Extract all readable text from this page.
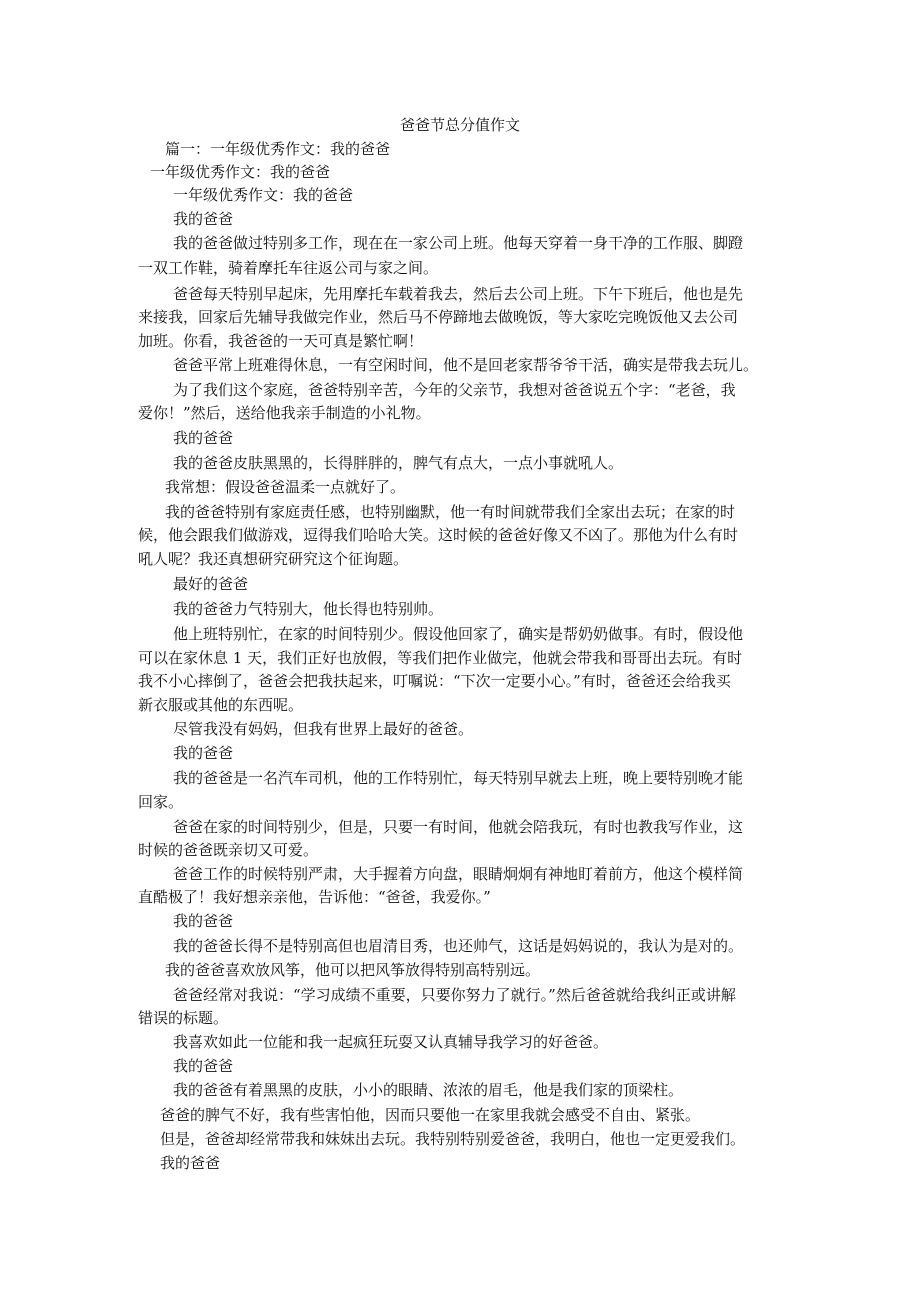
爸爸节总分值作文
篇一：一年级优秀作文：我的爸爸
一年级优秀作文：我的爸爸
一年级优秀作文：我的爸爸
我的爸爸
我的爸爸做过特别多工作，现在在一家公司上班。他每天穿着一身干净的工作服、脚蹬
一双工作鞋，骑着摩托车往返公司与家之间。
爸爸每天特别早起床，先用摩托车载着我去，然后去公司上班。下午下班后，他也是先
来接我，回家后先辅导我做完作业，然后马不停蹄地去做晚饭，等大家吃完晚饭他又去公司
加班。你看，我爸爸的一天可真是繁忙啊！
爸爸平常上班难得休息，一有空闲时间，他不是回老家帮爷爷干活，确实是带我去玩儿。
为了我们这个家庭，爸爸特别辛苦，今年的父亲节，我想对爸爸说五个字：“老爸，我
爱你！”然后，送给他我亲手制造的小礼物。
我的爸爸
我的爸爸皮肤黑黑的，长得胖胖的，脾气有点大，一点小事就吼人。
我常想：假设爸爸温柔一点就好了。
我的爸爸特别有家庭责任感，也特别幽默，他一有时间就带我们全家出去玩；在家的时
候，他会跟我们做游戏，逗得我们哈哈大笑。这时候的爸爸好像又不凶了。那他为什么有时
吼人呢？我还真想研究研究这个征询题。
最好的爸爸
我的爸爸力气特别大，他长得也特别帅。
他上班特别忙，在家的时间特别少。假设他回家了，确实是帮奶奶做事。有时，假设他
可以在家休息 1 天，我们正好也放假，等我们把作业做完，他就会带我和哥哥出去玩。有时
我不小心摔倒了，爸爸会把我扶起来，叮嘱说：“下次一定要小心。”有时，爸爸还会给我买
新衣服或其他的东西呢。
尽管我没有妈妈，但我有世界上最好的爸爸。
我的爸爸
我的爸爸是一名汽车司机，他的工作特别忙，每天特别早就去上班，晚上要特别晚才能
回家。
爸爸在家的时间特别少，但是，只要一有时间，他就会陪我玩，有时也教我写作业，这
时候的爸爸既亲切又可爱。
爸爸工作的时候特别严肃，大手握着方向盘，眼睛炯炯有神地盯着前方，他这个模样简
直酷极了！我好想亲亲他，告诉他：“爸爸，我爱你。”
我的爸爸
我的爸爸长得不是特别高但也眉清目秀，也还帅气，这话是妈妈说的，我认为是对的。
我的爸爸喜欢放风筝，他可以把风筝放得特别高特别远。
爸爸经常对我说：“学习成绩不重要，只要你努力了就行。”然后爸爸就给我纠正或讲解
错误的标题。
我喜欢如此一位能和我一起疯狂玩耍又认真辅导我学习的好爸爸。
我的爸爸
我的爸爸有着黑黑的皮肤，小小的眼睛、浓浓的眉毛，他是我们家的顶梁柱。
爸爸的脾气不好，我有些害怕他，因而只要他一在家里我就会感受不自由、紧张。
但是，爸爸却经常带我和妹妹出去玩。我特别特别爱爸爸，我明白，他也一定更爱我们。
我的爸爸
